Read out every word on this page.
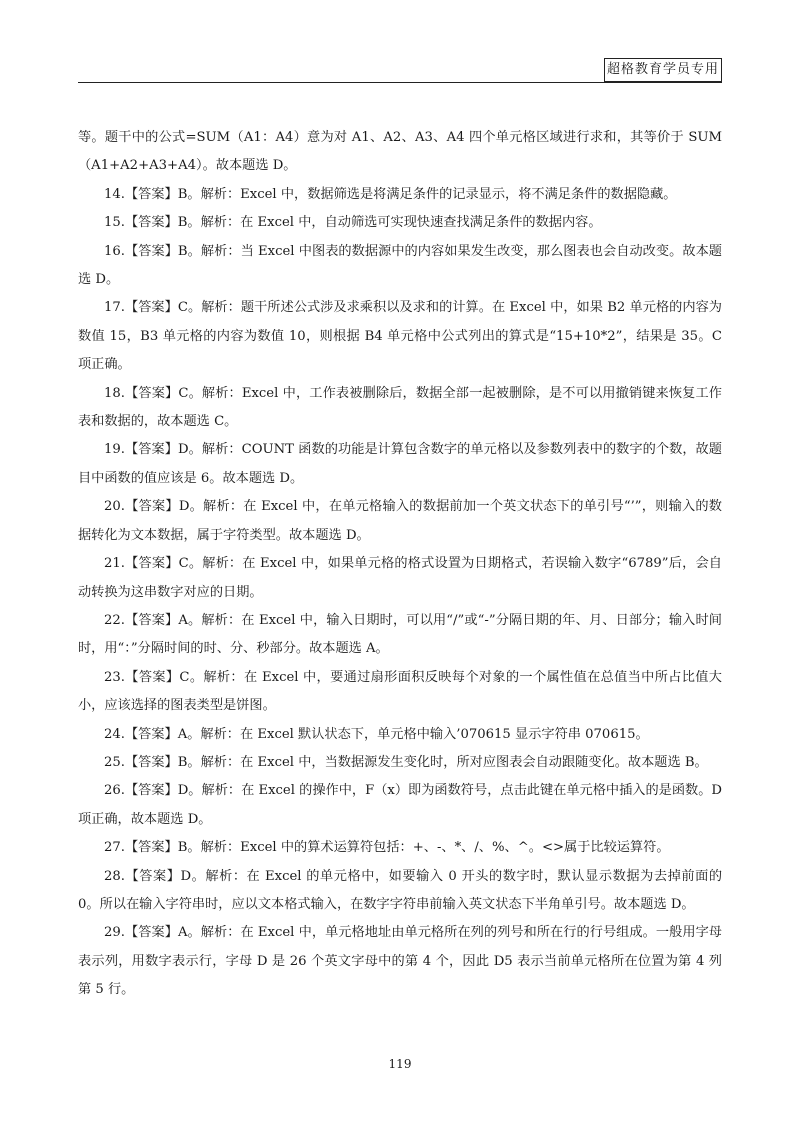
超格教育学员专用

等。题干中的公式=SUM（A1：A4）意为对 A1、A2、A3、A4 四个单元格区域进行求和，其等价于 SUM（A1+A2+A3+A4）。故本题选 D。

14.【答案】B。解析：Excel 中，数据筛选是将满足条件的记录显示，将不满足条件的数据隐藏。

15.【答案】B。解析：在 Excel 中，自动筛选可实现快速查找满足条件的数据内容。

16.【答案】B。解析：当 Excel 中图表的数据源中的内容如果发生改变，那么图表也会自动改变。故本题选 D。

17.【答案】C。解析：题干所述公式涉及求乘积以及求和的计算。在 Excel 中，如果 B2 单元格的内容为数值 15，B3 单元格的内容为数值 10，则根据 B4 单元格中公式列出的算式是“15+10*2”，结果是 35。C 项正确。

18.【答案】C。解析：Excel 中，工作表被删除后，数据全部一起被删除，是不可以用撤销键来恢复工作表和数据的，故本题选 C。

19.【答案】D。解析：COUNT 函数的功能是计算包含数字的单元格以及参数列表中的数字的个数，故题目中函数的值应该是 6。故本题选 D。

20.【答案】D。解析：在 Excel 中，在单元格输入的数据前加一个英文状态下的单引号“’”，则输入的数据转化为文本数据，属于字符类型。故本题选 D。

21.【答案】C。解析：在 Excel 中，如果单元格的格式设置为日期格式，若误输入数字“6789”后，会自动转换为这串数字对应的日期。

22.【答案】A。解析：在 Excel 中，输入日期时，可以用“/”或“-”分隔日期的年、月、日部分；输入时间时，用“：”分隔时间的时、分、秒部分。故本题选 A。

23.【答案】C。解析：在 Excel 中，要通过扇形面积反映每个对象的一个属性值在总值当中所占比值大小，应该选择的图表类型是饼图。

24.【答案】A。解析：在 Excel 默认状态下，单元格中输入’070615 显示字符串 070615。

25.【答案】B。解析：在 Excel 中，当数据源发生变化时，所对应图表会自动跟随变化。故本题选 B。

26.【答案】D。解析：在 Excel 的操作中，F（x）即为函数符号，点击此键在单元格中插入的是函数。D 项正确，故本题选 D。

27.【答案】B。解析：Excel 中的算术运算符包括：+、-、*、/、%、^。<>属于比较运算符。

28.【答案】D。解析：在 Excel 的单元格中，如要输入 0 开头的数字时，默认显示数据为去掉前面的 0。所以在输入字符串时，应以文本格式输入，在数字字符串前输入英文状态下半角单引号。故本题选 D。

29.【答案】A。解析：在 Excel 中，单元格地址由单元格所在列的列号和所在行的行号组成。一般用字母表示列，用数字表示行，字母 D 是 26 个英文字母中的第 4 个，因此 D5 表示当前单元格所在位置为第 4 列第 5 行。

119
